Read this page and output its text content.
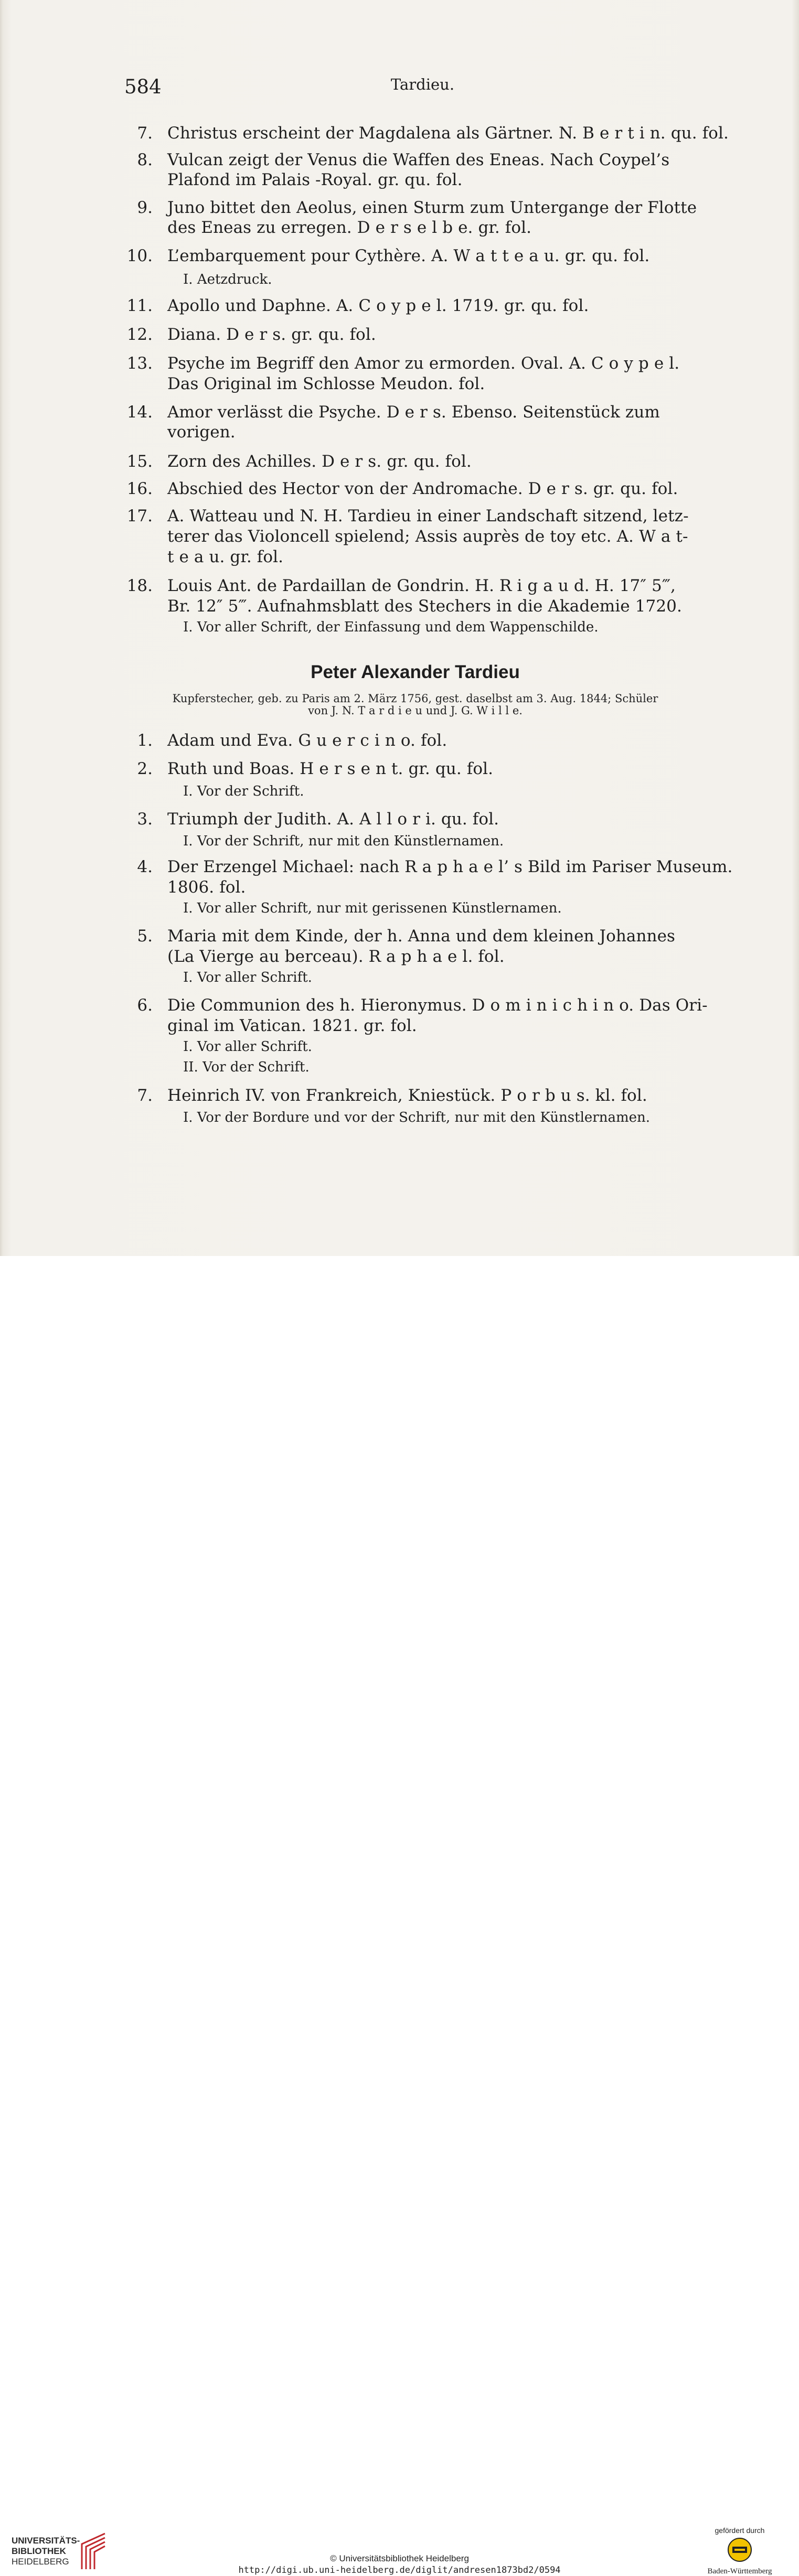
584	Tardieu.
7. Christus erscheint der Magdalena als Gärtner. N. B e r t i n. qu. fol.
8. Vulcan zeigt der Venus die Waffen des Eneas. Nach Coypel’s
Plafond im Palais -Royal. gr. qu. fol.
9. Juno bittet den Aeolus, einen Sturm zum Untergange der Flotte
des Eneas zu erregen. D e r s e l b e. gr. fol.
10. L’embarquement pour Cythère. A. W a t t e a u. gr. qu. fol.
I. Aetzdruck.
11. Apollo und Daphne. A. C o y p e l. 1719. gr. qu. fol.
12. Diana. D e r s. gr. qu. fol.
13. Psyche im Begriff den Amor zu ermorden. Oval. A. C o y p e l.
Das Original im Schlosse Meudon. fol.
14. Amor verlässt die Psyche. D e r s. Ebenso. Seitenstück zum
vorigen.
15. Zorn des Achilles. D e r s. gr. qu. fol.
16. Abschied des Hector von der Andromache. D e r s. gr. qu. fol.
17. A. Watteau und N. H. Tardieu in einer Landschaft sitzend, letz-
terer das Violoncell spielend; Assis auprès de toy etc. A. W a t-
t e a u. gr. fol.
18. Louis Ant. de Pardaillan de Gondrin. H. R i g a u d. H. 17″ 5‴,
Br. 12″ 5‴. Aufnahmsblatt des Stechers in die Akademie 1720.
I. Vor aller Schrift, der Einfassung und dem Wappenschilde.
1. Adam und Eva. G u e r c i n o. fol.
2. Ruth und Boas. H e r s e n t. gr. qu. fol.
I. Vor der Schrift.
3. Triumph der Judith. A. A l l o r i. qu. fol.
I. Vor der Schrift, nur mit den Künstlernamen.
4. Der Erzengel Michael: nach R a p h a e l’ s Bild im Pariser Museum.
1806. fol.
I. Vor aller Schrift, nur mit gerissenen Künstlernamen.
5. Maria mit dem Kinde, der h. Anna und dem kleinen Johannes
(La Vierge au berceau). R a p h a e l. fol.
I. Vor aller Schrift.
6. Die Communion des h. Hieronymus. D o m i n i c h i n o. Das Ori-
ginal im Vatican. 1821. gr. fol.
I. Vor aller Schrift.
II. Vor der Schrift.
7. Heinrich IV. von Frankreich, Kniestück. P o r b u s. kl. fol.
I. Vor der Bordure und vor der Schrift, nur mit den Künstlernamen.
Peter Alexander Tardieu
Kupferstecher, geb. zu Paris am 2. März 1756, gest. daselbst am 3. Aug. 1844; Schüler
von J. N. T a r d i e u und J. G. W i l l e.
UNIVERSITÄTS-
BIBLIOTHEK
HEIDELBERG	© Universitätsbibliothek Heidelberg
http://digi.ub.uni-heidelberg.de/diglit/andresen1873bd2/0594
gefördert durch
Baden-Württemberg
